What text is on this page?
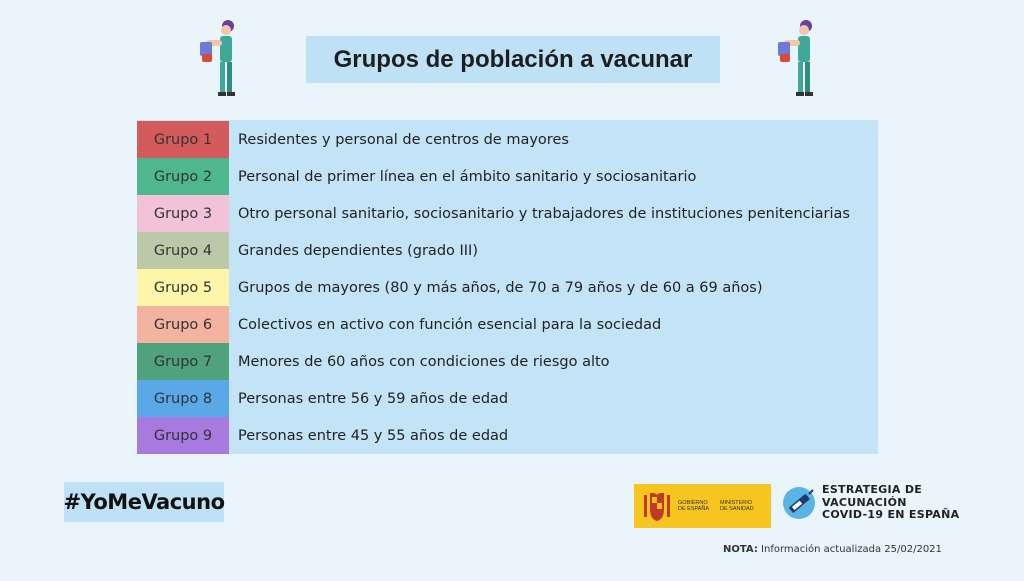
Grupos de población a vacunar
Grupo 1	Residentes y personal de centros de mayores
Grupo 2	Personal de primer línea en el ámbito sanitario y sociosanitario
Grupo 3	Otro personal sanitario, sociosanitario y trabajadores de instituciones penitenciarias
Grupo 4	Grandes dependientes (grado III)
Grupo 5	Grupos de mayores (80 y más años, de 70 a 79 años y de 60 a 69 años)
Grupo 6	Colectivos en activo con función esencial para la sociedad
Grupo 7	Menores de 60 años con condiciones de riesgo alto
Grupo 8	Personas entre 56 y 59 años de edad
Grupo 9	Personas entre 45 y 55 años de edad
#YoMeVacuno	GOBIERNO
DE ESPAÑA
MINISTERIO
DE SANIDAD
ESTRATEGIA DE
VACUNACIÓN
COVID-19 EN ESPAÑA
NOTA: Información actualizada 25/02/2021
